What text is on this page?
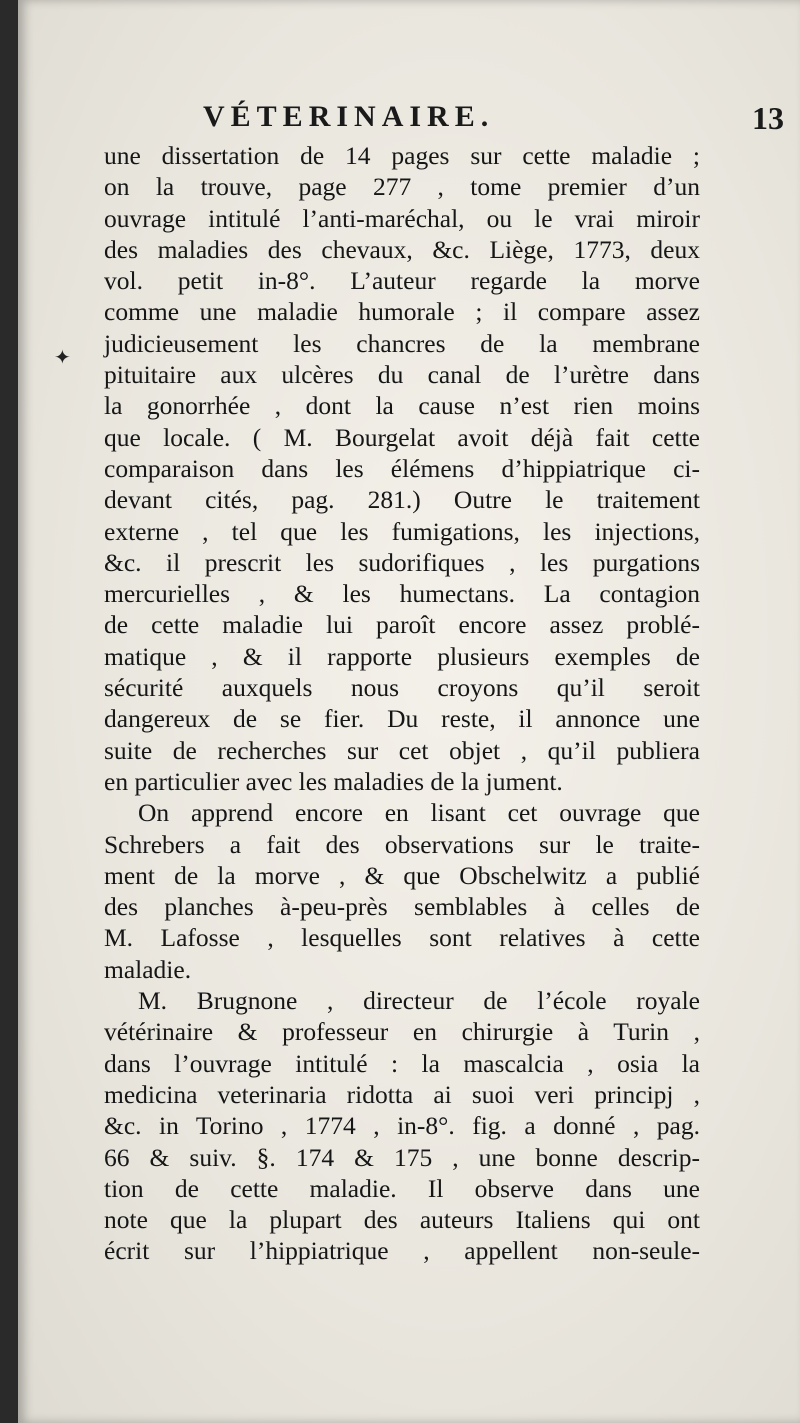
VÉTERINAIRE.	13
✦
une dissertation de 14 pages sur cette maladie ;
on la trouve, page 277 , tome premier d’un
ouvrage intitulé l’anti-maréchal, ou le vrai miroir
des maladies des chevaux, &c. Liège, 1773, deux
vol. petit in-8°. L’auteur regarde la morve
comme une maladie humorale ; il compare assez
judicieusement les chancres de la membrane
pituitaire aux ulcères du canal de l’urètre dans
la gonorrhée , dont la cause n’est rien moins
que locale. ( M. Bourgelat avoit déjà fait cette
comparaison dans les élémens d’hippiatrique ci-
devant cités, pag. 281.) Outre le traitement
externe , tel que les fumigations, les injections,
&c. il prescrit les sudorifiques , les purgations
mercurielles , & les humectans. La contagion
de cette maladie lui paroît encore assez problé-
matique , & il rapporte plusieurs exemples de
sécurité auxquels nous croyons qu’il seroit
dangereux de se fier. Du reste, il annonce une
suite de recherches sur cet objet , qu’il publiera
en particulier avec les maladies de la jument.
On apprend encore en lisant cet ouvrage que
Schrebers a fait des observations sur le traite-
ment de la morve , & que Obschelwitz a publié
des planches à-peu-près semblables à celles de
M. Lafosse , lesquelles sont relatives à cette
maladie.
M. Brugnone , directeur de l’école royale
vétérinaire & professeur en chirurgie à Turin ,
dans l’ouvrage intitulé : la mascalcia , osia la
medicina veterinaria ridotta ai suoi veri principj ,
&c. in Torino , 1774 , in-8°. fig. a donné , pag.
66 & suiv. §. 174 & 175 , une bonne descrip-
tion de cette maladie. Il observe dans une
note que la plupart des auteurs Italiens qui ont
écrit sur l’hippiatrique , appellent non-seule-
